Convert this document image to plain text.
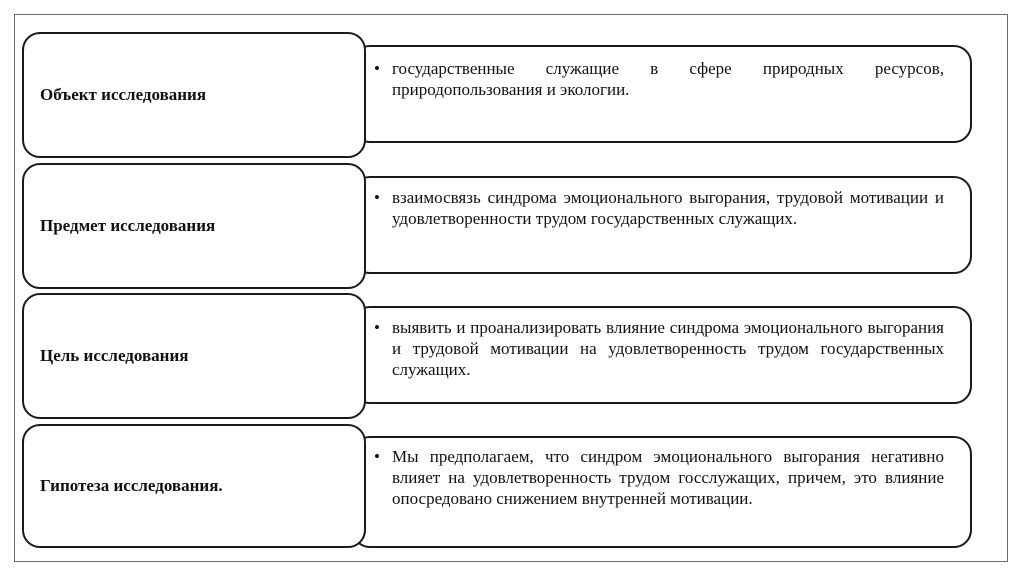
• государственные служащие в сфере природных ресурсов, природопользования и экологии.
Объект исследования
• взаимосвязь синдрома эмоционального выгорания, трудовой мотивации и удовлетворенности трудом государственных служащих.
Предмет исследования
• выявить и проанализировать влияние синдрома эмоционального выгорания и трудовой мотивации на удовлетворенность трудом государственных служащих.
Цель исследования
• Мы предполагаем, что синдром эмоционального выгорания негативно влияет на удовлетворенность трудом госслужащих, причем, это влияние опосредовано снижением внутренней мотивации.
Гипотеза исследования.
